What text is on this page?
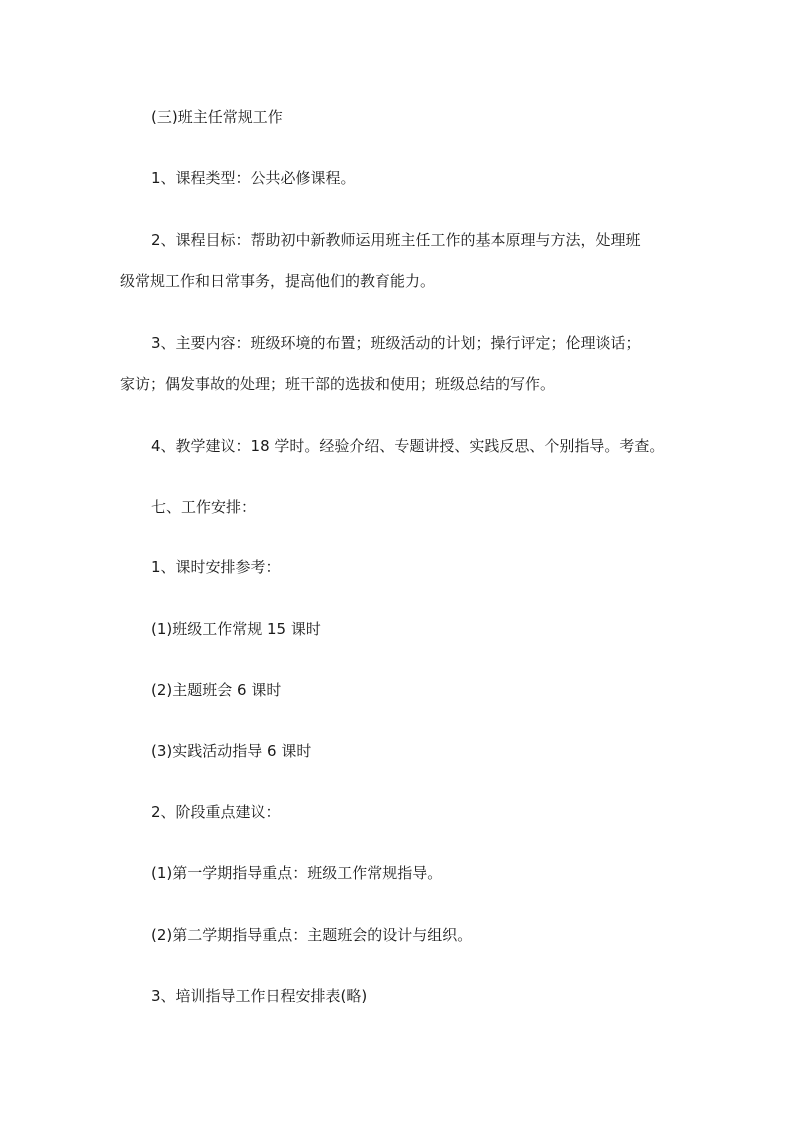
(三)班主任常规工作
1、课程类型：公共必修课程。
2、课程目标：帮助初中新教师运用班主任工作的基本原理与方法，处理班
级常规工作和日常事务，提高他们的教育能力。
3、主要内容：班级环境的布置；班级活动的计划；操行评定；伦理谈话；
家访；偶发事故的处理；班干部的选拔和使用；班级总结的写作。
4、教学建议：18 学时。经验介绍、专题讲授、实践反思、个别指导。考查。
七、工作安排：
1、课时安排参考：
(1)班级工作常规 15 课时
(2)主题班会 6 课时
(3)实践活动指导 6 课时
2、阶段重点建议：
(1)第一学期指导重点：班级工作常规指导。
(2)第二学期指导重点：主题班会的设计与组织。
3、培训指导工作日程安排表(略)
